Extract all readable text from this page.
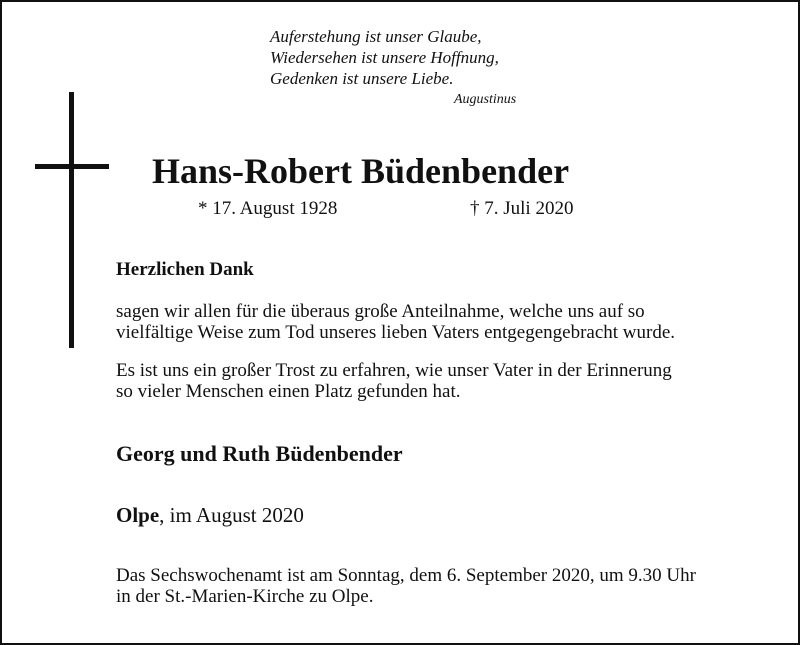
Auferstehung ist unser Glaube,
Wiedersehen ist unsere Hoffnung,
Gedenken ist unsere Liebe.
Augustinus
Hans-Robert Büdenbender
* 17. August 1928	† 7. Juli 2020
Herzlichen Dank
sagen wir allen für die überaus große Anteilnahme, welche uns auf so
vielfältige Weise zum Tod unseres lieben Vaters entgegengebracht wurde.
Es ist uns ein großer Trost zu erfahren, wie unser Vater in der Erinnerung
so vieler Menschen einen Platz gefunden hat.
Georg und Ruth Büdenbender
Olpe, im August 2020
Das Sechswochenamt ist am Sonntag, dem 6. September 2020, um 9.30 Uhr
in der St.-Marien-Kirche zu Olpe.
